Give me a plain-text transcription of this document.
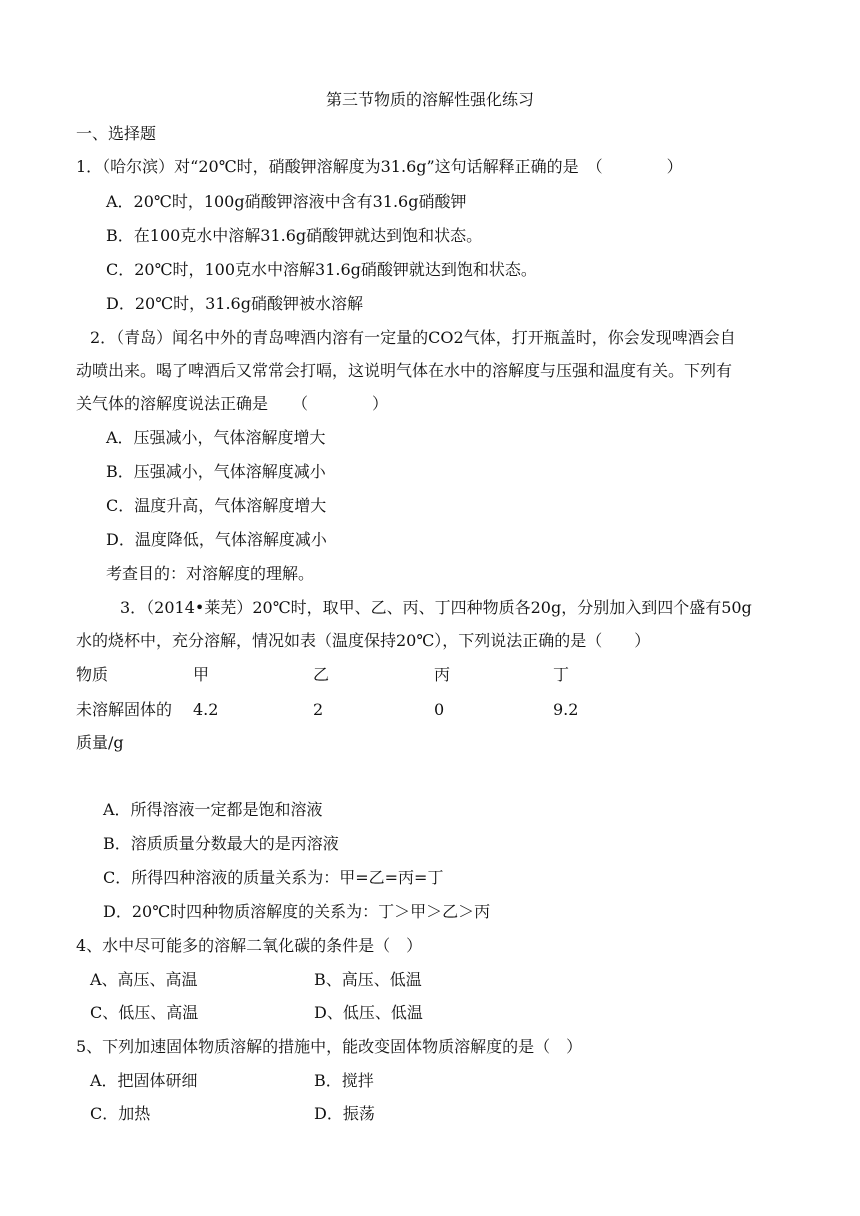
第三节物质的溶解性强化练习
一、选择题
1．（哈尔滨）对“20℃时，硝酸钾溶解度为31.6g”这句话解释正确的是　（　　　　）
A．20℃时，100g硝酸钾溶液中含有31.6g硝酸钾
B．在100克水中溶解31.6g硝酸钾就达到饱和状态。
C．20℃时，100克水中溶解31.6g硝酸钾就达到饱和状态。
D．20℃时，31.6g硝酸钾被水溶解
2．（青岛）闻名中外的青岛啤酒内溶有一定量的CO2气体，打开瓶盖时，你会发现啤酒会自
动喷出来。喝了啤酒后又常常会打嗝，这说明气体在水中的溶解度与压强和温度有关。下列有
关气体的溶解度说法正确是　　（　　　　）
A．压强减小，气体溶解度增大
B．压强减小，气体溶解度减小
C．温度升高，气体溶解度增大
D．温度降低，气体溶解度减小
考查目的：对溶解度的理解。
3．（2014•莱芜）20℃时，取甲、乙、丙、丁四种物质各20g，分别加入到四个盛有50g
水的烧杯中，充分溶解，情况如表（温度保持20℃），下列说法正确的是（　　）
物质	甲	乙	丙	丁
未溶解固体的 4.2	2	0	9.2
质量/g
A．所得溶液一定都是饱和溶液
B．溶质质量分数最大的是丙溶液
C．所得四种溶液的质量关系为：甲=乙=丙=丁
D．20℃时四种物质溶解度的关系为：丁＞甲＞乙＞丙
4、水中尽可能多的溶解二氧化碳的条件是（　）
A、高压、高温	B、高压、低温
C、低压、高温	D、低压、低温
5、下列加速固体物质溶解的措施中，能改变固体物质溶解度的是（　）
A．把固体研细	B．搅拌
C．加热	D．振荡
